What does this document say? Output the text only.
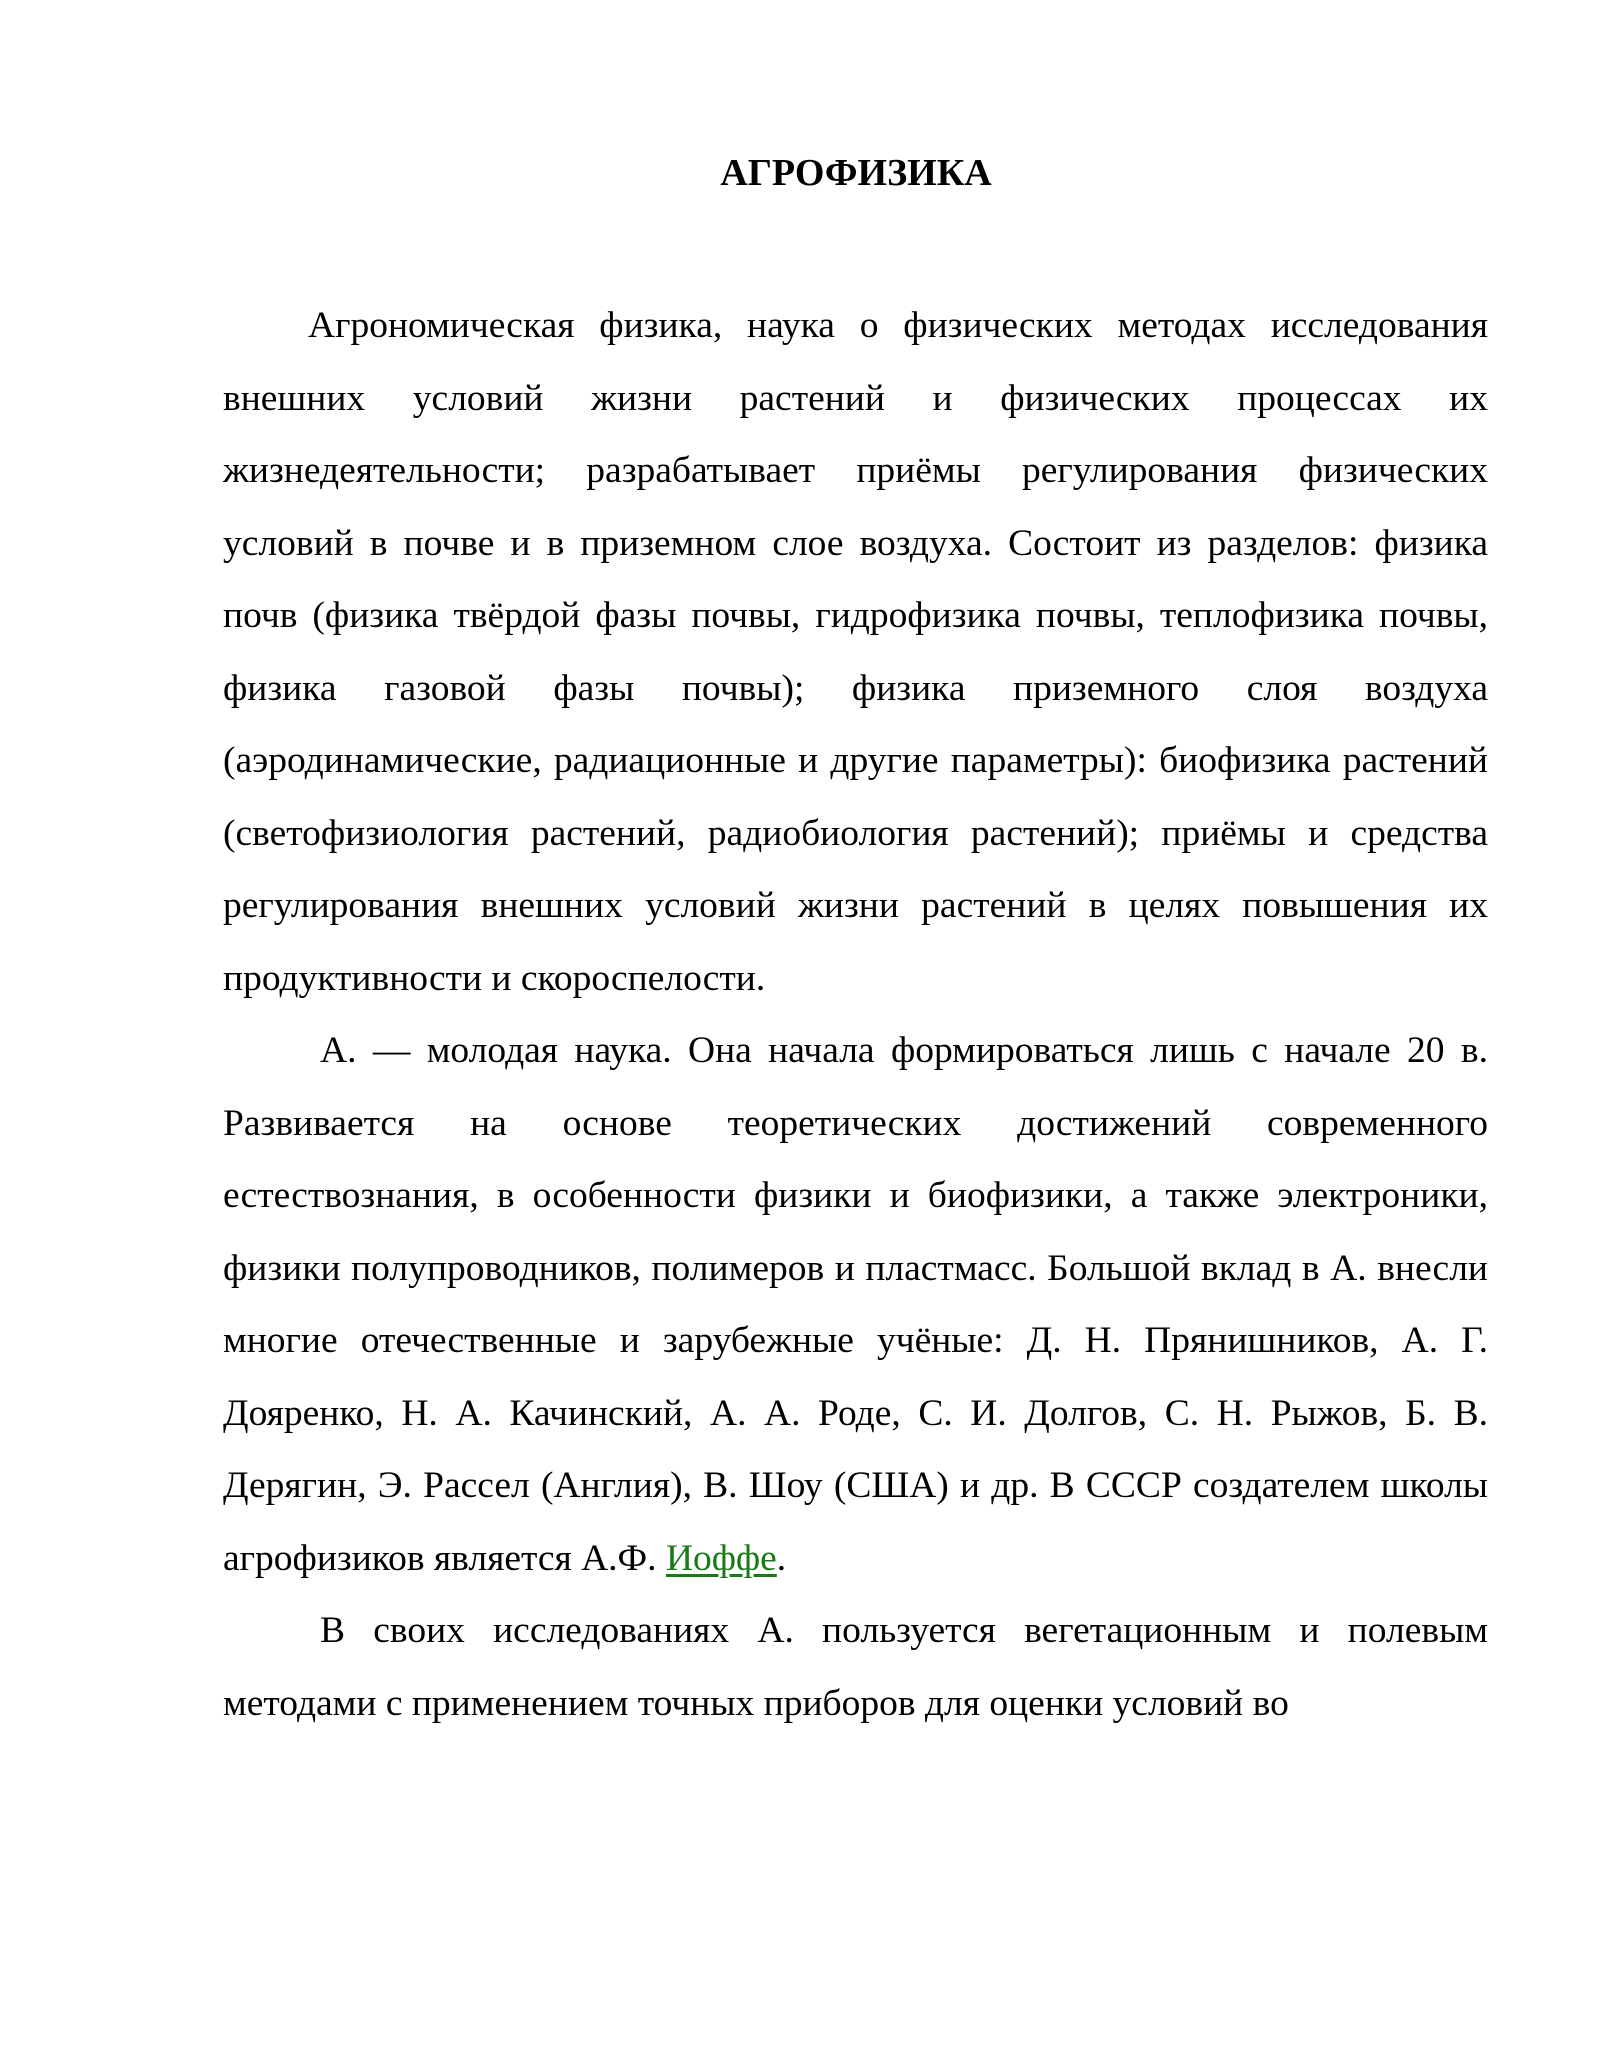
АГРОФИЗИКА

Агрономическая физика, наука о физических методах исследования внешних условий жизни растений и физических процессах их жизнедеятельности; разрабатывает приёмы регулирования физических условий в почве и в приземном слое воздуха. Состоит из разделов: физика почв (физика твёрдой фазы почвы, гидрофизика почвы, теплофизика почвы, физика газовой фазы почвы); физика приземного слоя воздуха (аэродинамические, радиационные и другие параметры): биофизика растений (светофизиология растений, радиобиология растений); приёмы и средства регулирования внешних условий жизни растений в целях повышения их продуктивности и скороспелости.

А. — молодая наука. Она начала формироваться лишь с начале 20 в. Развивается на основе теоретических достижений современного естествознания, в особенности физики и биофизики, а также электроники, физики полупроводников, полимеров и пластмасс. Большой вклад в А. внесли многие отечественные и зарубежные учёные: Д. Н. Прянишников, А. Г. Дояренко, Н. А. Качинский, А. А. Роде, С. И. Долгов, С. Н. Рыжов, Б. В. Дерягин, Э. Рассел (Англия), В. Шоу (США) и др. В СССР создателем школы агрофизиков является А.Ф. Иоффе.

В своих исследованиях А. пользуется вегетационным и полевым методами с применением точных приборов для оценки условий во
